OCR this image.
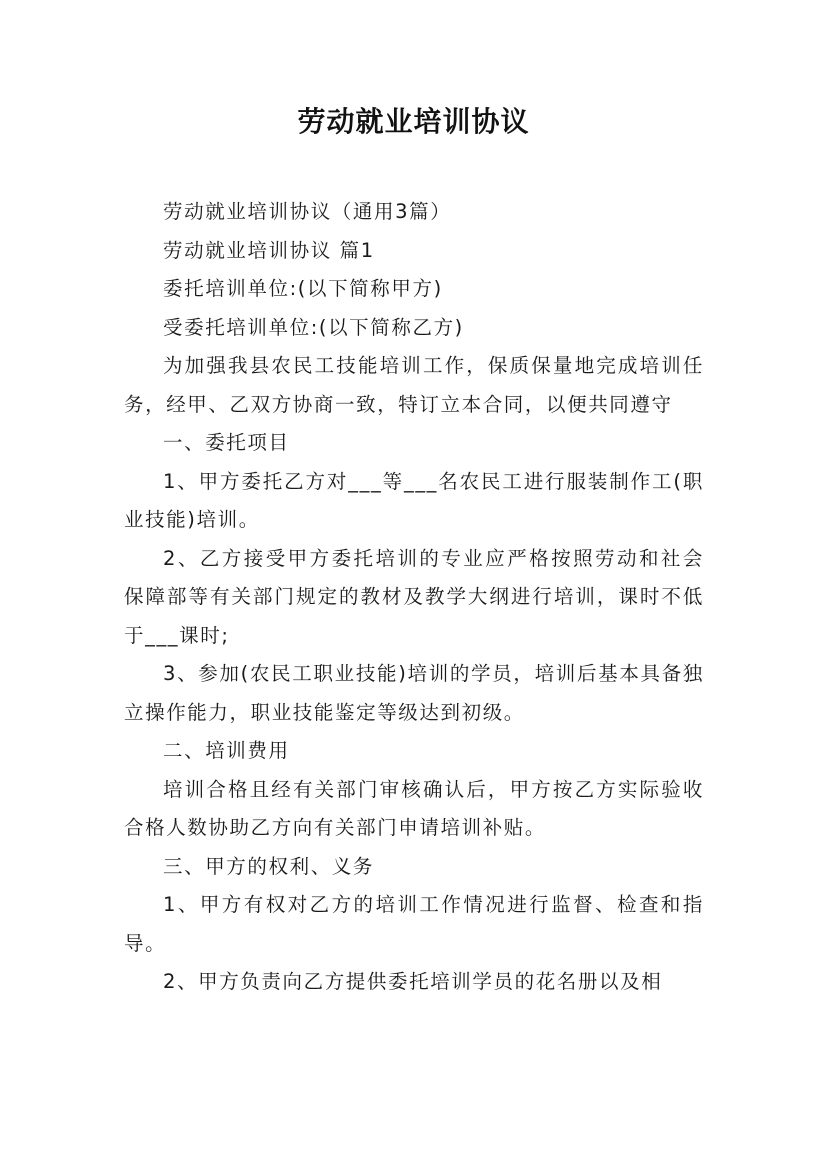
劳动就业培训协议

劳动就业培训协议（通用3篇）

劳动就业培训协议 篇1

委托培训单位:(以下简称甲方)

受委托培训单位:(以下简称乙方)

为加强我县农民工技能培训工作，保质保量地完成培训任务，经甲、乙双方协商一致，特订立本合同，以便共同遵守

一、委托项目

1、甲方委托乙方对___等___名农民工进行服装制作工(职业技能)培训。

2、乙方接受甲方委托培训的专业应严格按照劳动和社会保障部等有关部门规定的教材及教学大纲进行培训，课时不低于___课时;

3、参加(农民工职业技能)培训的学员，培训后基本具备独立操作能力，职业技能鉴定等级达到初级。

二、培训费用

培训合格且经有关部门审核确认后，甲方按乙方实际验收合格人数协助乙方向有关部门申请培训补贴。

三、甲方的权利、义务

1、甲方有权对乙方的培训工作情况进行监督、检查和指导。

2、甲方负责向乙方提供委托培训学员的花名册以及相
